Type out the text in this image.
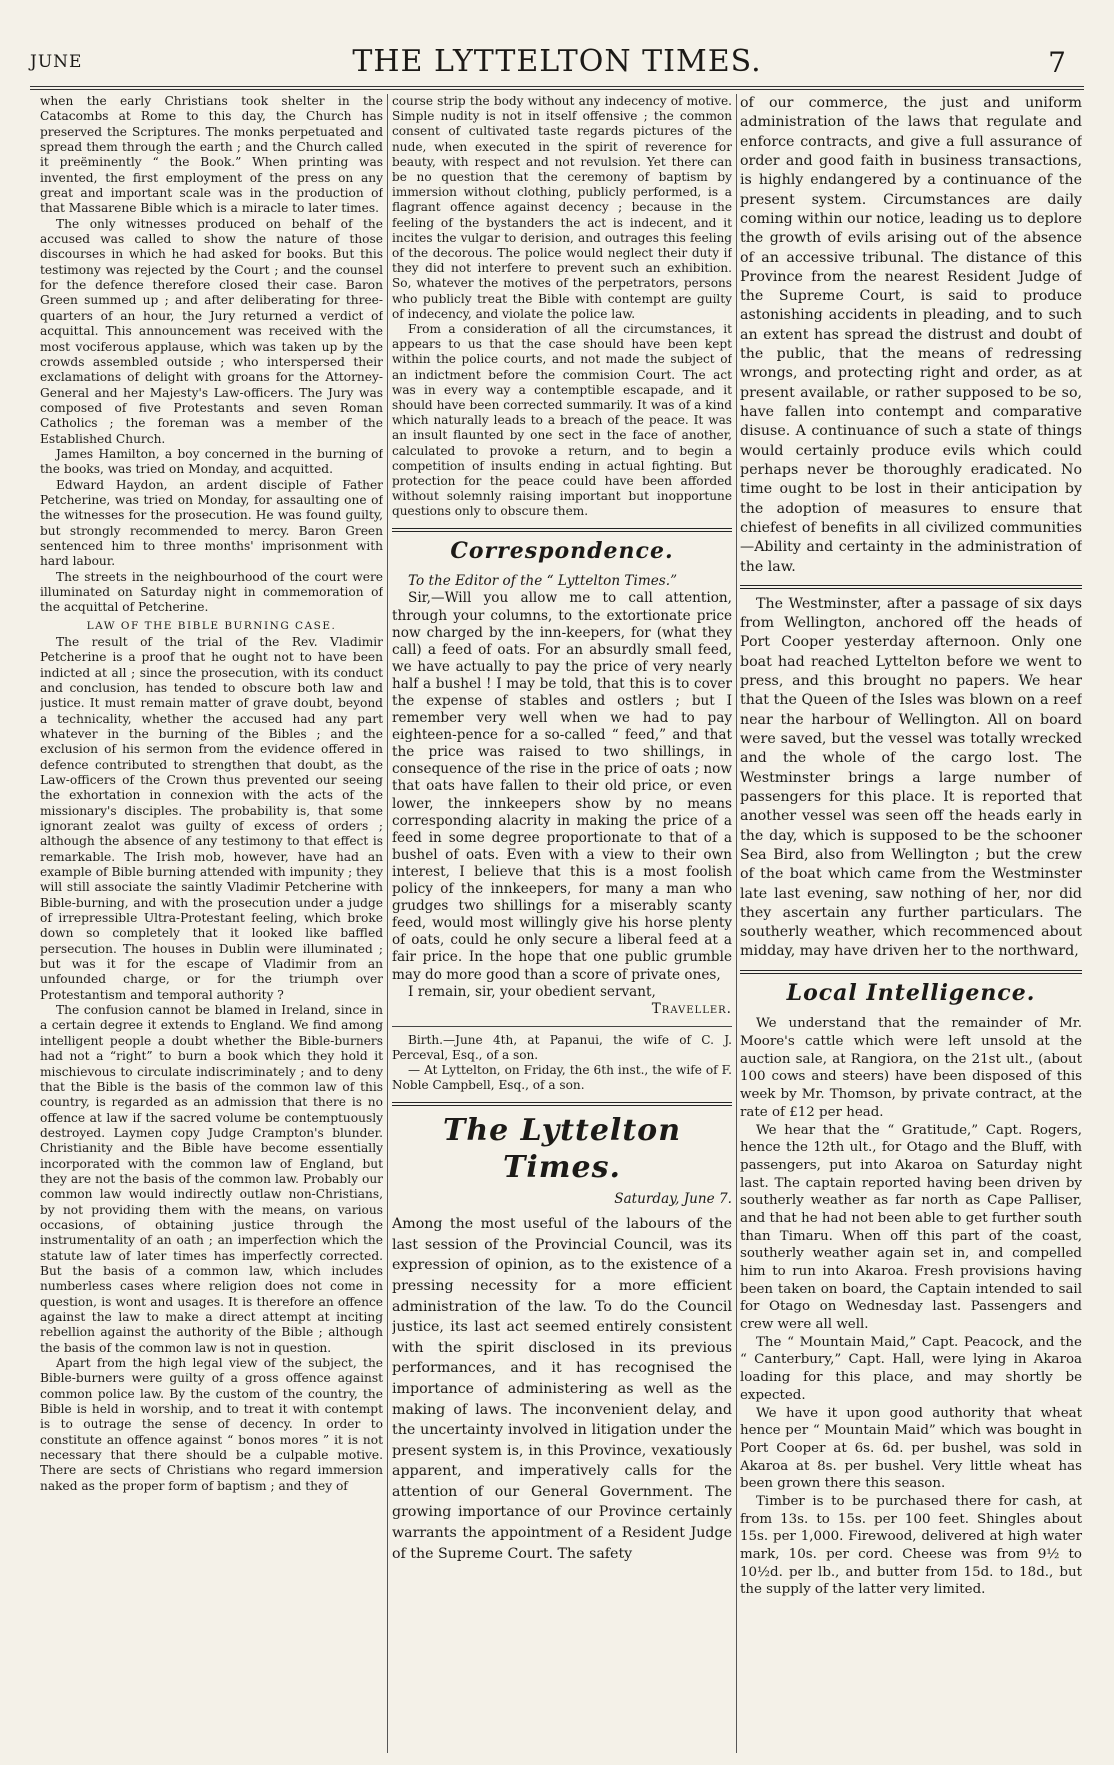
JUNE	THE LYTTELTON TIMES.	7

when the early Christians took shelter in the Catacombs at Rome to this day, the Church has preserved the Scriptures. The monks perpetuated and spread them through the earth ; and the Church called it preëminently “ the Book.” When printing was invented, the first employment of the press on any great and important scale was in the production of that Massarene Bible which is a miracle to later times.

The only witnesses produced on behalf of the accused was called to show the nature of those discourses in which he had asked for books. But this testimony was rejected by the Court ; and the counsel for the defence therefore closed their case. Baron Green summed up ; and after deliberating for three-quarters of an hour, the Jury returned a verdict of acquittal. This announcement was received with the most vociferous applause, which was taken up by the crowds assembled outside ; who interspersed their exclamations of delight with groans for the Attorney-General and her Majesty's Law-officers. The Jury was composed of five Protestants and seven Roman Catholics ; the foreman was a member of the Established Church.

James Hamilton, a boy concerned in the burning of the books, was tried on Monday, and acquitted.

Edward Haydon, an ardent disciple of Father Petcherine, was tried on Monday, for assaulting one of the witnesses for the prosecution. He was found guilty, but strongly recommended to mercy. Baron Green sentenced him to three months' imprisonment with hard labour.

The streets in the neighbourhood of the court were illuminated on Saturday night in commemoration of the acquittal of Petcherine.

LAW OF THE BIBLE BURNING CASE.

The result of the trial of the Rev. Vladimir Petcherine is a proof that he ought not to have been indicted at all ; since the prosecution, with its conduct and conclusion, has tended to obscure both law and justice. It must remain matter of grave doubt, beyond a technicality, whether the accused had any part whatever in the burning of the Bibles ; and the exclusion of his sermon from the evidence offered in defence contributed to strengthen that doubt, as the Law-officers of the Crown thus prevented our seeing the exhortation in connexion with the acts of the missionary's disciples. The probability is, that some ignorant zealot was guilty of excess of orders ; although the absence of any testimony to that effect is remarkable. The Irish mob, however, have had an example of Bible burning attended with impunity ; they will still associate the saintly Vladimir Petcherine with Bible-burning, and with the prosecution under a judge of irrepressible Ultra-Protestant feeling, which broke down so completely that it looked like baffled persecution. The houses in Dublin were illuminated ; but was it for the escape of Vladimir from an unfounded charge, or for the triumph over Protestantism and temporal authority ?

The confusion cannot be blamed in Ireland, since in a certain degree it extends to England. We find among intelligent people a doubt whether the Bible-burners had not a “right” to burn a book which they hold it mischievous to circulate indiscriminately ; and to deny that the Bible is the basis of the common law of this country, is regarded as an admission that there is no offence at law if the sacred volume be contemptuously destroyed. Laymen copy Judge Crampton's blunder. Christianity and the Bible have become essentially incorporated with the common law of England, but they are not the basis of the common law. Probably our common law would indirectly outlaw non-Christians, by not providing them with the means, on various occasions, of obtaining justice through the instrumentality of an oath ; an imperfection which the statute law of later times has imperfectly corrected. But the basis of a common law, which includes numberless cases where religion does not come in question, is wont and usages. It is therefore an offence against the law to make a direct attempt at inciting rebellion against the authority of the Bible ; although the basis of the common law is not in question.

Apart from the high legal view of the subject, the Bible-burners were guilty of a gross offence against common police law. By the custom of the country, the Bible is held in worship, and to treat it with contempt is to outrage the sense of decency. In order to constitute an offence against “ bonos mores ” it is not necessary that there should be a culpable motive. There are sects of Christians who regard immersion naked as the proper form of baptism ; and they of

course strip the body without any indecency of motive. Simple nudity is not in itself offensive ; the common consent of cultivated taste regards pictures of the nude, when executed in the spirit of reverence for beauty, with respect and not revulsion. Yet there can be no question that the ceremony of baptism by immersion without clothing, publicly performed, is a flagrant offence against decency ; because in the feeling of the bystanders the act is indecent, and it incites the vulgar to derision, and outrages this feeling of the decorous. The police would neglect their duty if they did not interfere to prevent such an exhibition. So, whatever the motives of the perpetrators, persons who publicly treat the Bible with contempt are guilty of indecency, and violate the police law.

From a consideration of all the circumstances, it appears to us that the case should have been kept within the police courts, and not made the subject of an indictment before the commision Court. The act was in every way a contemptible escapade, and it should have been corrected summarily. It was of a kind which naturally leads to a breach of the peace. It was an insult flaunted by one sect in the face of another, calculated to provoke a return, and to begin a competition of insults ending in actual fighting. But protection for the peace could have been afforded without solemnly raising important but inopportune questions only to obscure them.

Correspondence.

To the Editor of the “ Lyttelton Times.”

Sir,—Will you allow me to call attention, through your columns, to the extortionate price now charged by the inn-keepers, for (what they call) a feed of oats. For an absurdly small feed, we have actually to pay the price of very nearly half a bushel ! I may be told, that this is to cover the expense of stables and ostlers ; but I remember very well when we had to pay eighteen-pence for a so-called “ feed,” and that the price was raised to two shillings, in consequence of the rise in the price of oats ; now that oats have fallen to their old price, or even lower, the innkeepers show by no means corresponding alacrity in making the price of a feed in some degree proportionate to that of a bushel of oats. Even with a view to their own interest, I believe that this is a most foolish policy of the innkeepers, for many a man who grudges two shillings for a miserably scanty feed, would most willingly give his horse plenty of oats, could he only secure a liberal feed at a fair price. In the hope that one public grumble may do more good than a score of private ones,

I remain, sir, your obedient servant,

Traveller.

Birth.—June 4th, at Papanui, the wife of C. J. Perceval, Esq., of a son.

— At Lyttelton, on Friday, the 6th inst., the wife of F. Noble Campbell, Esq., of a son.

The Lyttelton Times.

Saturday, June 7.

Among the most useful of the labours of the last session of the Provincial Council, was its expression of opinion, as to the existence of a pressing necessity for a more efficient administration of the law. To do the Council justice, its last act seemed entirely consistent with the spirit disclosed in its previous performances, and it has recognised the importance of administering as well as the making of laws. The inconvenient delay, and the uncertainty involved in litigation under the present system is, in this Province, vexatiously apparent, and imperatively calls for the attention of our General Government. The growing importance of our Province certainly warrants the appointment of a Resident Judge of the Supreme Court. The safety

of our commerce, the just and uniform administration of the laws that regulate and enforce contracts, and give a full assurance of order and good faith in business transactions, is highly endangered by a continuance of the present system. Circumstances are daily coming within our notice, leading us to deplore the growth of evils arising out of the absence of an accessive tribunal. The distance of this Province from the nearest Resident Judge of the Supreme Court, is said to produce astonishing accidents in pleading, and to such an extent has spread the distrust and doubt of the public, that the means of redressing wrongs, and protecting right and order, as at present available, or rather supposed to be so, have fallen into contempt and comparative disuse. A continuance of such a state of things would certainly produce evils which could perhaps never be thoroughly eradicated. No time ought to be lost in their anticipation by the adoption of measures to ensure that chiefest of benefits in all civilized communities—Ability and certainty in the administration of the law.

The Westminster, after a passage of six days from Wellington, anchored off the heads of Port Cooper yesterday afternoon. Only one boat had reached Lyttelton before we went to press, and this brought no papers. We hear that the Queen of the Isles was blown on a reef near the harbour of Wellington. All on board were saved, but the vessel was totally wrecked and the whole of the cargo lost. The Westminster brings a large number of passengers for this place. It is reported that another vessel was seen off the heads early in the day, which is supposed to be the schooner Sea Bird, also from Wellington ; but the crew of the boat which came from the Westminster late last evening, saw nothing of her, nor did they ascertain any further particulars. The southerly weather, which recommenced about midday, may have driven her to the northward,

Local Intelligence.

We understand that the remainder of Mr. Moore's cattle which were left unsold at the auction sale, at Rangiora, on the 21st ult., (about 100 cows and steers) have been disposed of this week by Mr. Thomson, by private contract, at the rate of £12 per head.

We hear that the “ Gratitude,” Capt. Rogers, hence the 12th ult., for Otago and the Bluff, with passengers, put into Akaroa on Saturday night last. The captain reported having been driven by southerly weather as far north as Cape Palliser, and that he had not been able to get further south than Timaru. When off this part of the coast, southerly weather again set in, and compelled him to run into Akaroa. Fresh provisions having been taken on board, the Captain intended to sail for Otago on Wednesday last. Passengers and crew were all well.

The “ Mountain Maid,” Capt. Peacock, and the “ Canterbury,” Capt. Hall, were lying in Akaroa loading for this place, and may shortly be expected.

We have it upon good authority that wheat hence per “ Mountain Maid” which was bought in Port Cooper at 6s. 6d. per bushel, was sold in Akaroa at 8s. per bushel. Very little wheat has been grown there this season.

Timber is to be purchased there for cash, at from 13s. to 15s. per 100 feet. Shingles about 15s. per 1,000. Firewood, delivered at high water mark, 10s. per cord. Cheese was from 9½ to 10½d. per lb., and butter from 15d. to 18d., but the supply of the latter very limited.
